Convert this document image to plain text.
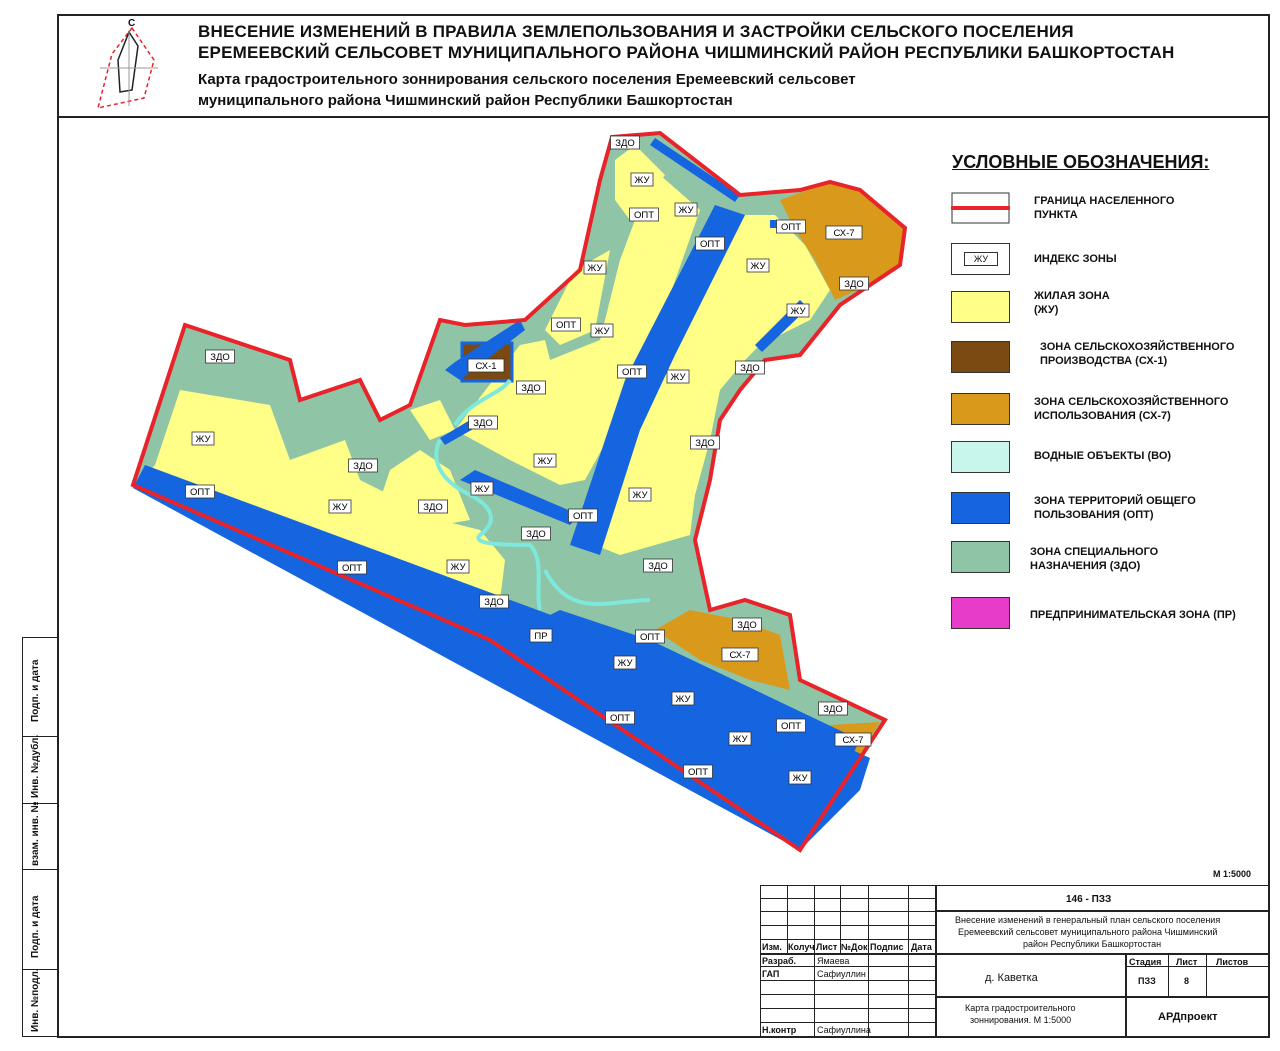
С	ВНЕСЕНИЕ ИЗМЕНЕНИЙ В ПРАВИЛА ЗЕМЛЕПОЛЬЗОВАНИЯ И ЗАСТРОЙКИ СЕЛЬСКОГО ПОСЕЛЕНИЯ
ЕРЕМЕЕВСКИЙ СЕЛЬСОВЕТ МУНИЦИПАЛЬНОГО РАЙОНА ЧИШМИНСКИЙ РАЙОН РЕСПУБЛИКИ БАШКОРТОСТАН
Карта градостроительного зоннирования сельского поселения Еремеевский сельсовет
муниципального района Чишминский район Республики Башкортостан
ЗДО
ЖУ
ОПТ	ЖУ
ОПТ
ОПТ
СХ-7
ЗДО
ЖУ
ЖУ
ЖУ
ОПТ
ЖУ
ЗДО
СХ-1	ЗДО
ОПТ	ЖУ
ЗДО
ЗДО
ЖУ	ЗДО
ЗДО	ЖУ
ЖУ
ОПТ	ЖУ
ЖУ	ЗДО
ОПТ
ЗДО
ЗДО
ОПТ	ЖУ
ЗДО
ЗДО
ПР	ОПТ
СХ-7
ЖУ
ЖУ
ЗДО
ОПТ
ОПТ
ЖУ	СХ-7
ОПТ
ЖУ
УСЛОВНЫЕ ОБОЗНАЧЕНИЯ:
ГРАНИЦА НАСЕЛЕННОГО
ПУНКТА
ЖУ	ИНДЕКС ЗОНЫ
ЖИЛАЯ ЗОНА
(ЖУ)
ЗОНА СЕЛЬСКОХОЗЯЙСТВЕННОГО
ПРОИЗВОДСТВА (СХ-1)
ЗОНА СЕЛЬСКОХОЗЯЙСТВЕННОГО
ИСПОЛЬЗОВАНИЯ (СХ-7)
ВОДНЫЕ ОБЪЕКТЫ (ВО)
ЗОНА ТЕРРИТОРИЙ ОБЩЕГО
ПОЛЬЗОВАНИЯ (ОПТ)
ЗОНА СПЕЦИАЛЬНОГО
НАЗНАЧЕНИЯ (ЗДО)
ПРЕДПРИНИМАТЕЛЬСКАЯ ЗОНА (ПР)
Подп. и дата
Инв. №дубл.
взам. инв. №
Подп. и дата
Инв. №подл.
М 1:5000
146 - ПЗЗ
Внесение изменений в генеральный план сельского поселения
Еремеевский сельсовет муниципального района Чишминский
район Республики Башкортостан
Изм. Колуч Лист №Док Подпис Дата
Разраб. Ямаева
ГАП	Сафиуллин
Н.контр Сафиуллина
д. Каветка
Стадия Лист Листов
ПЗЗ	8
Карта градостроительного
зоннирования. М 1:5000	АРДпроект
